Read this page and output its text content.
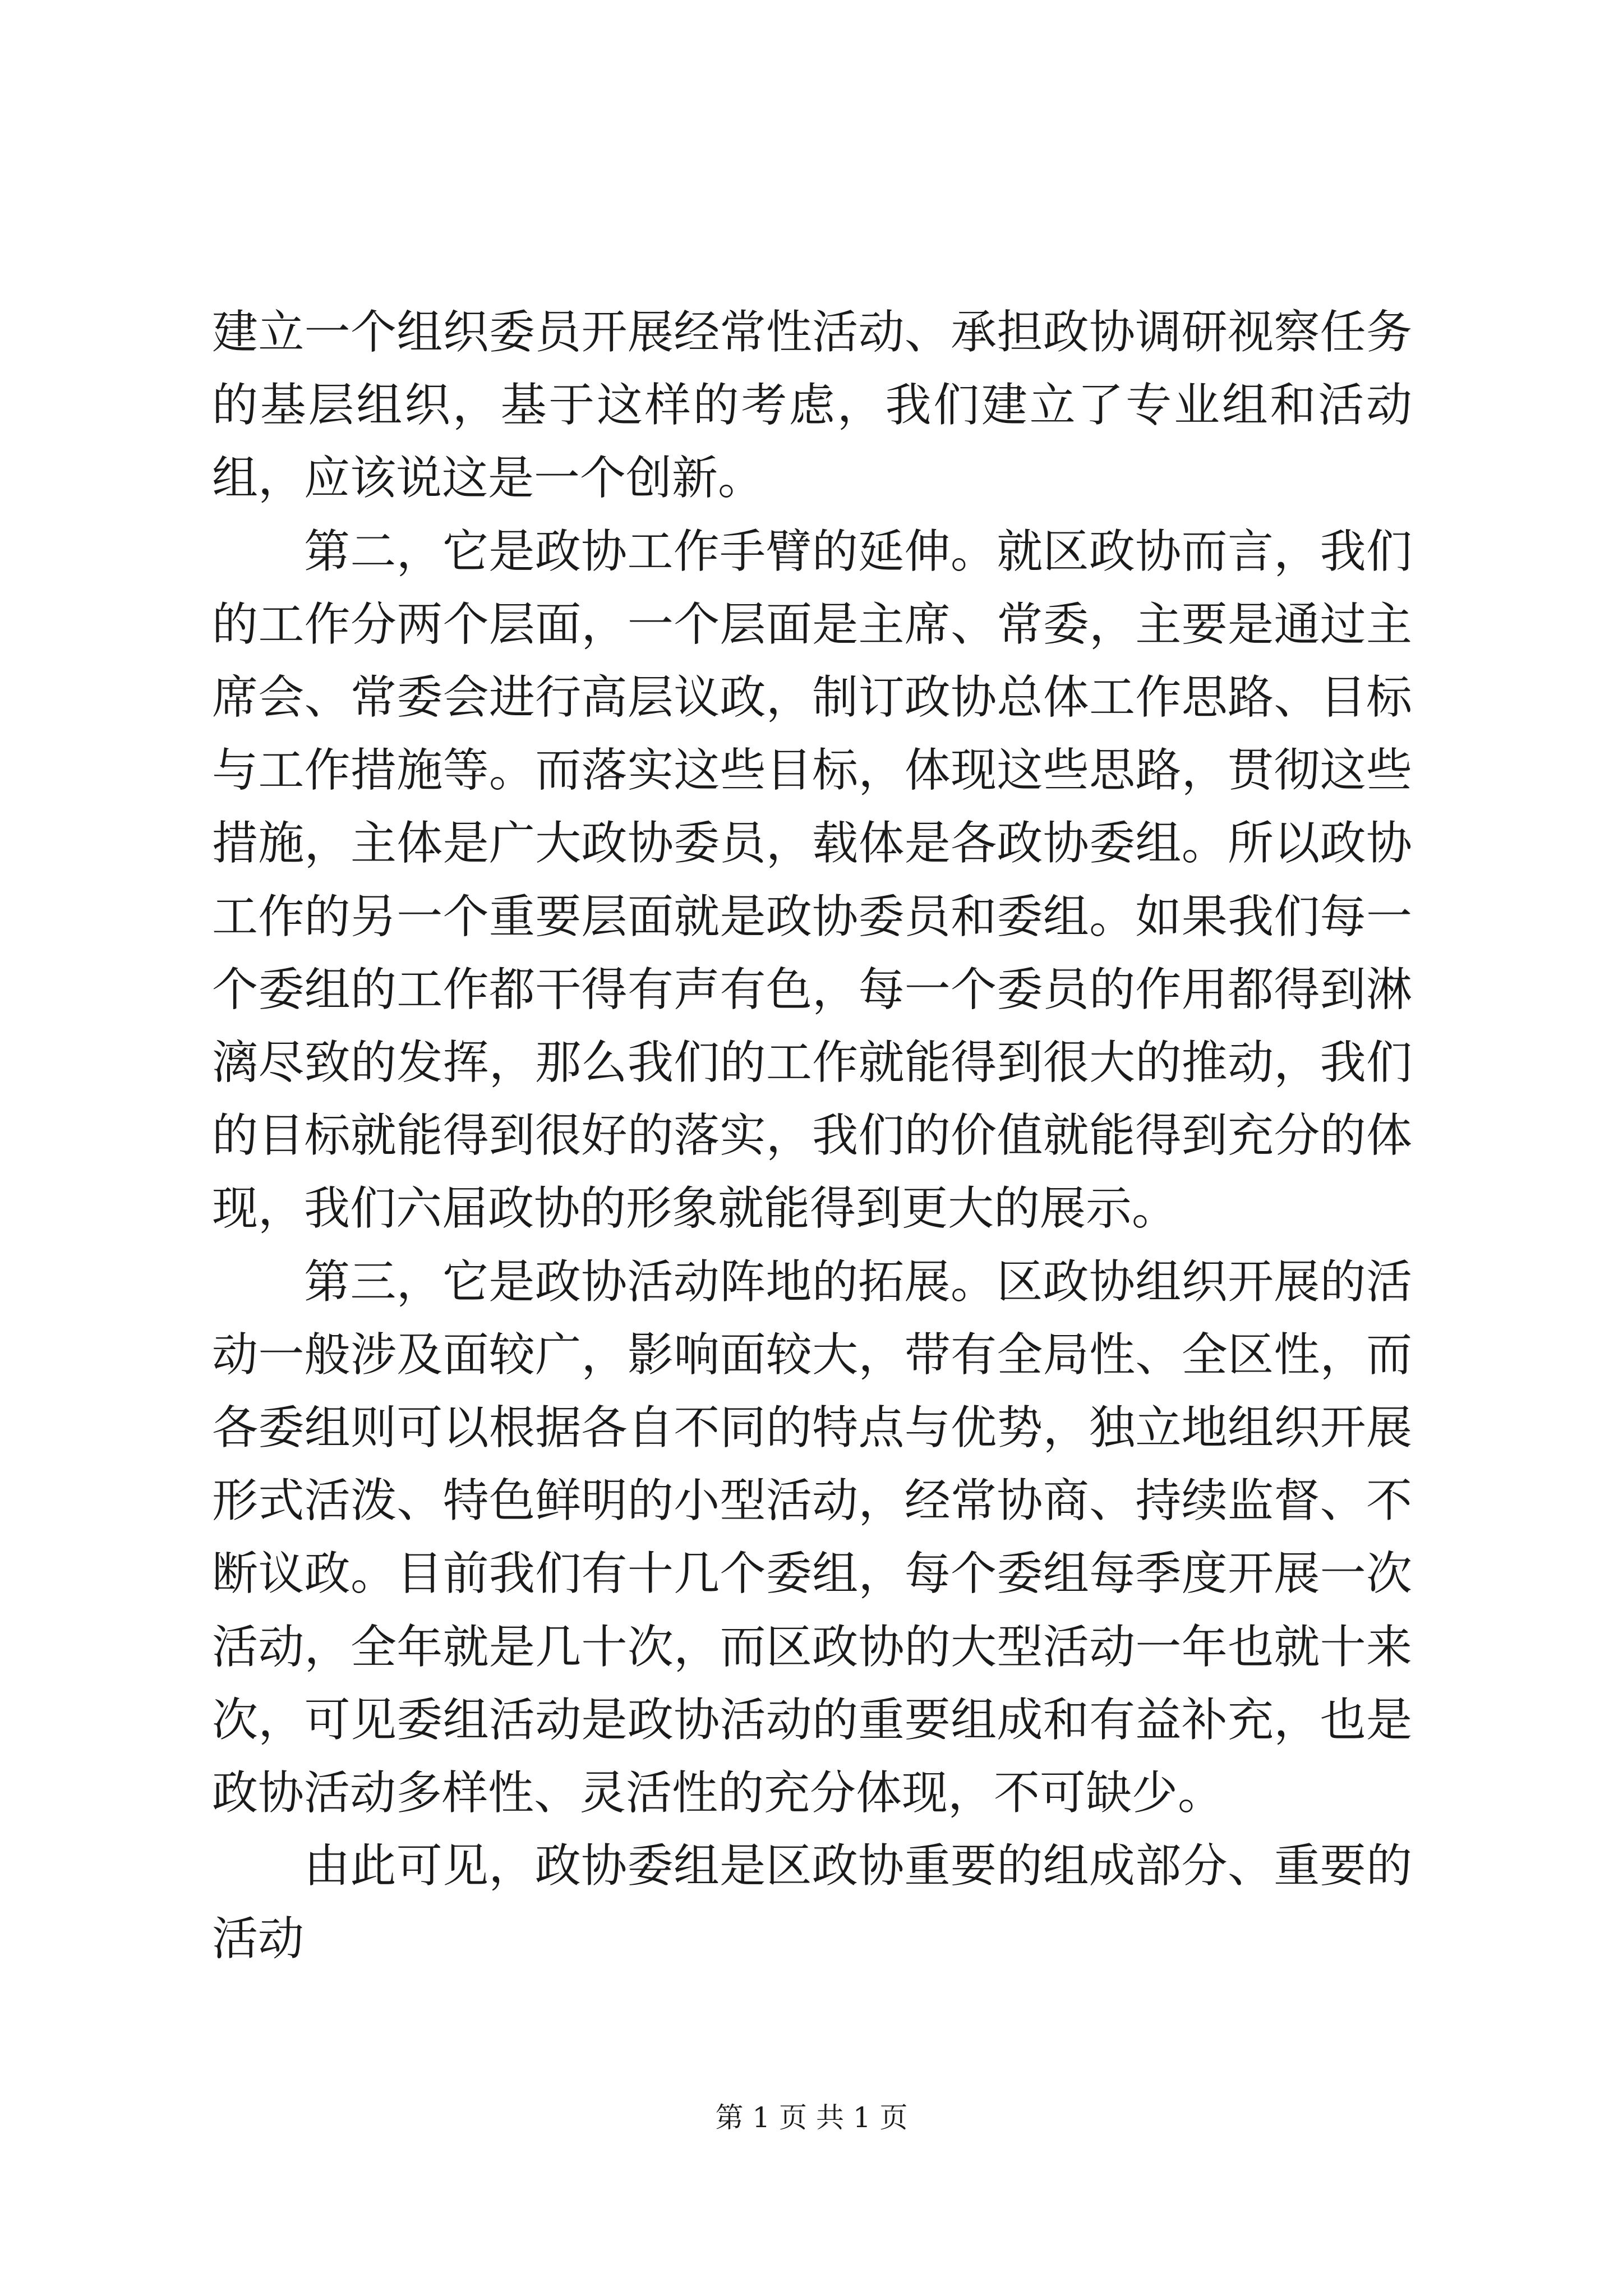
建立一个组织委员开展经常性活动、承担政协调研视察任务的基层组织，基于这样的考虑，我们建立了专业组和活动组，应该说这是一个创新。

第二，它是政协工作手臂的延伸。就区政协而言，我们的工作分两个层面，一个层面是主席、常委，主要是通过主席会、常委会进行高层议政，制订政协总体工作思路、目标与工作措施等。而落实这些目标，体现这些思路，贯彻这些措施，主体是广大政协委员，载体是各政协委组。所以政协工作的另一个重要层面就是政协委员和委组。如果我们每一个委组的工作都干得有声有色，每一个委员的作用都得到淋漓尽致的发挥，那么我们的工作就能得到很大的推动，我们的目标就能得到很好的落实，我们的价值就能得到充分的体现，我们六届政协的形象就能得到更大的展示。

第三，它是政协活动阵地的拓展。区政协组织开展的活动一般涉及面较广，影响面较大，带有全局性、全区性，而各委组则可以根据各自不同的特点与优势，独立地组织开展形式活泼、特色鲜明的小型活动，经常协商、持续监督、不断议政。目前我们有十几个委组，每个委组每季度开展一次活动，全年就是几十次，而区政协的大型活动一年也就十来次，可见委组活动是政协活动的重要组成和有益补充，也是政协活动多样性、灵活性的充分体现，不可缺少。

由此可见，政协委组是区政协重要的组成部分、重要的活动

第 1 页 共 1 页
